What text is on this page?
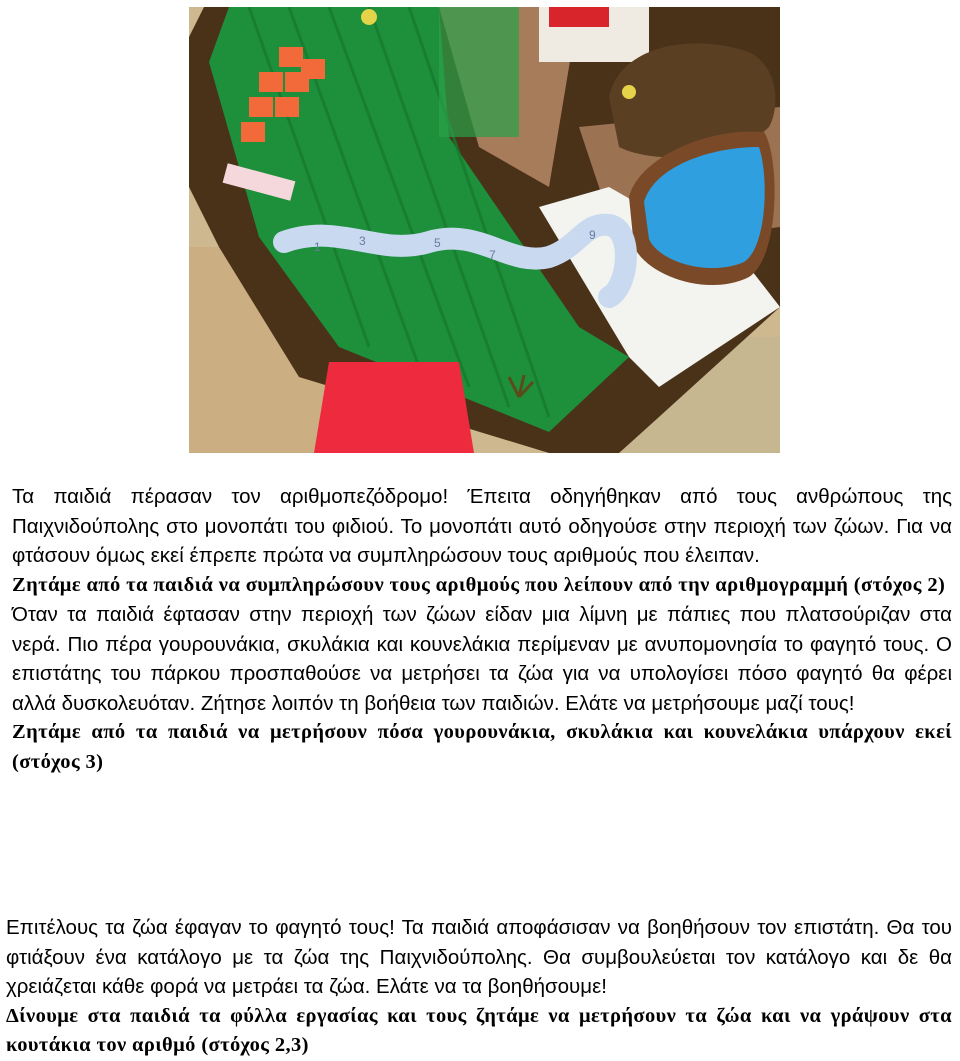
1	3	5
7
9

Τα παιδιά πέρασαν τον αριθμοπεζόδρομο! Έπειτα οδηγήθηκαν από τους ανθρώπους της Παιχνιδούπολης στο μονοπάτι του φιδιού. Το μονοπάτι αυτό οδηγούσε στην περιοχή των ζώων. Για να φτάσουν όμως εκεί έπρεπε πρώτα να συμπληρώσουν τους αριθμούς που έλειπαν.

Ζητάμε από τα παιδιά να συμπληρώσουν τους αριθμούς που λείπουν από την αριθμογραμμή (στόχος 2)

Όταν τα παιδιά έφτασαν στην περιοχή των ζώων είδαν μια λίμνη με πάπιες που πλατσούριζαν στα νερά. Πιο πέρα γουρουνάκια, σκυλάκια και κουνελάκια περίμεναν με ανυπομονησία το φαγητό τους. Ο επιστάτης του πάρκου προσπαθούσε να μετρήσει τα ζώα για να υπολογίσει πόσο φαγητό θα φέρει αλλά δυσκολευόταν. Ζήτησε λοιπόν τη βοήθεια των παιδιών. Ελάτε να μετρήσουμε μαζί τους!

Ζητάμε από τα παιδιά να μετρήσουν πόσα γουρουνάκια, σκυλάκια και κουνελάκια υπάρχουν εκεί (στόχος 3)

Επιτέλους τα ζώα έφαγαν το φαγητό τους! Τα παιδιά αποφάσισαν να βοηθήσουν τον επιστάτη. Θα του φτιάξουν ένα κατάλογο με τα ζώα της Παιχνιδούπολης. Θα συμβουλεύεται τον κατάλογο και δε θα χρειάζεται κάθε φορά να μετράει τα ζώα. Ελάτε να τα βοηθήσουμε!

Δίνουμε στα παιδιά τα φύλλα εργασίας και τους ζητάμε να μετρήσουν τα ζώα και να γράψουν στα κουτάκια τον αριθμό (στόχος 2,3)
